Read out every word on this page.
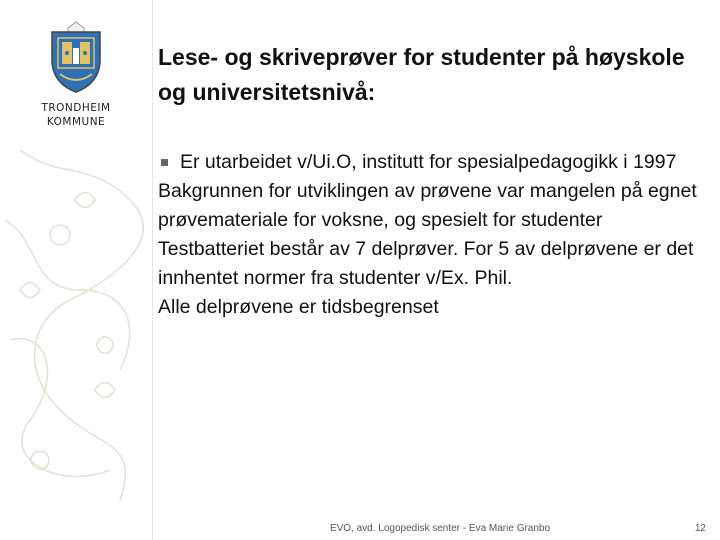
TRONDHEIM
KOMMUNE
Lese- og skriveprøver for studenter på høyskole og universitetsnivå:
Er utarbeidet v/Ui.O, institutt for spesialpedagogikk i 1997

Bakgrunnen for utviklingen av prøvene var mangelen på egnet prøvemateriale for voksne, og spesielt for studenter

Testbatteriet består av 7 delprøver. For 5 av delprøvene er det innhentet normer fra studenter v/Ex. Phil.

Alle delprøvene er tidsbegrenset

EVO, avd. Logopedisk senter - Eva Marie Granbo	12
